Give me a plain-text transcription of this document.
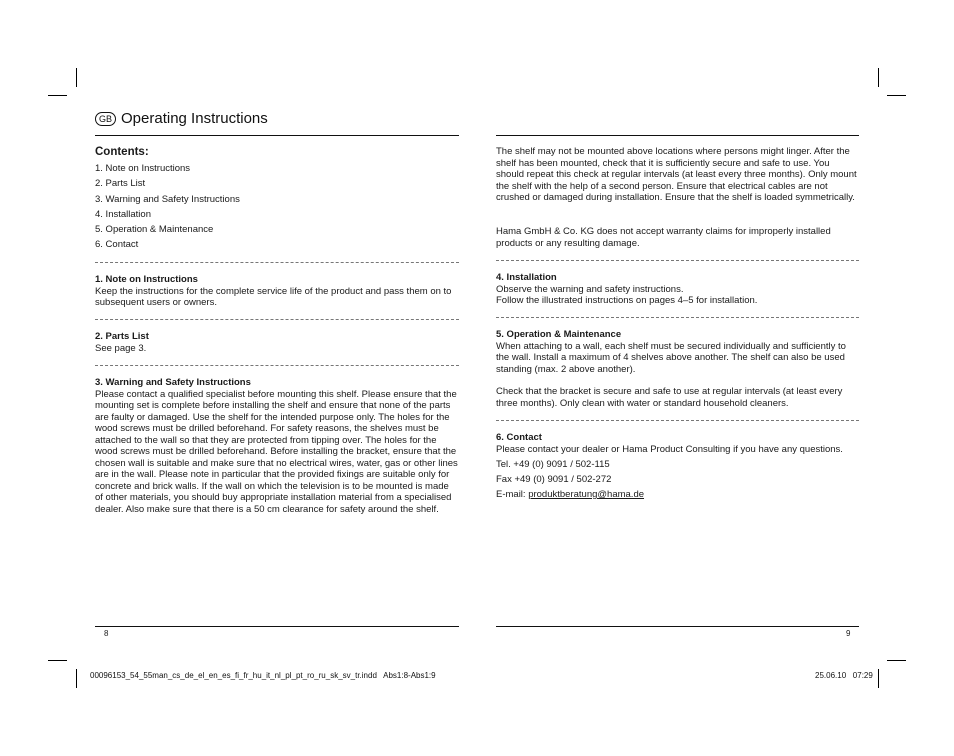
GB Operating Instructions
Contents:
1. Note on Instructions
2. Parts List
3. Warning and Safety Instructions
4. Installation
5. Operation & Maintenance
6. Contact
1. Note on Instructions
Keep the instructions for the complete service life of the product and pass them on to subsequent users or owners.
2. Parts List
See page 3.
3. Warning and Safety Instructions
Please contact a qualified specialist before mounting this shelf. Please ensure that the mounting set is complete before installing the shelf and ensure that none of the parts are faulty or damaged. Use the shelf for the intended purpose only. The holes for the wood screws must be drilled beforehand. For safety reasons, the shelves must be attached to the wall so that they are protected from tipping over. The holes for the wood screws must be drilled beforehand. Before installing the bracket, ensure that the chosen wall is suitable and make sure that no electrical wires, water, gas or other lines are in the wall. Please note in particular that the provided fixings are suitable only for concrete and brick walls. If the wall on which the television is to be mounted is made of other materials, you should buy appropriate installation material from a specialised dealer. Also make sure that there is a 50 cm clearance for safety around the shelf.
The shelf may not be mounted above locations where persons might linger. After the shelf has been mounted, check that it is sufficiently secure and safe to use. You should repeat this check at regular intervals (at least every three months). Only mount the shelf with the help of a second person. Ensure that electrical cables are not crushed or damaged during installation. Ensure that the shelf is loaded symmetrically.
Hama GmbH & Co. KG does not accept warranty claims for improperly installed products or any resulting damage.
4. Installation
Observe the warning and safety instructions.
Follow the illustrated instructions on pages 4–5 for installation.
5. Operation & Maintenance
When attaching to a wall, each shelf must be secured individually and sufficiently to the wall. Install a maximum of 4 shelves above another. The shelf can also be used standing (max. 2 above another).
Check that the bracket is secure and safe to use at regular intervals (at least every three months). Only clean with water or standard household cleaners.
6. Contact
Please contact your dealer or Hama Product Consulting if you have any questions.
Tel. +49 (0) 9091 / 502-115
Fax +49 (0) 9091 / 502-272
E-mail: produktberatung@hama.de
8	9
00096153_54_55man_cs_de_el_en_es_fi_fr_hu_it_nl_pl_pt_ro_ru_sk_sv_tr.indd   Abs1:8-Abs1:9	25.06.10   07:29
